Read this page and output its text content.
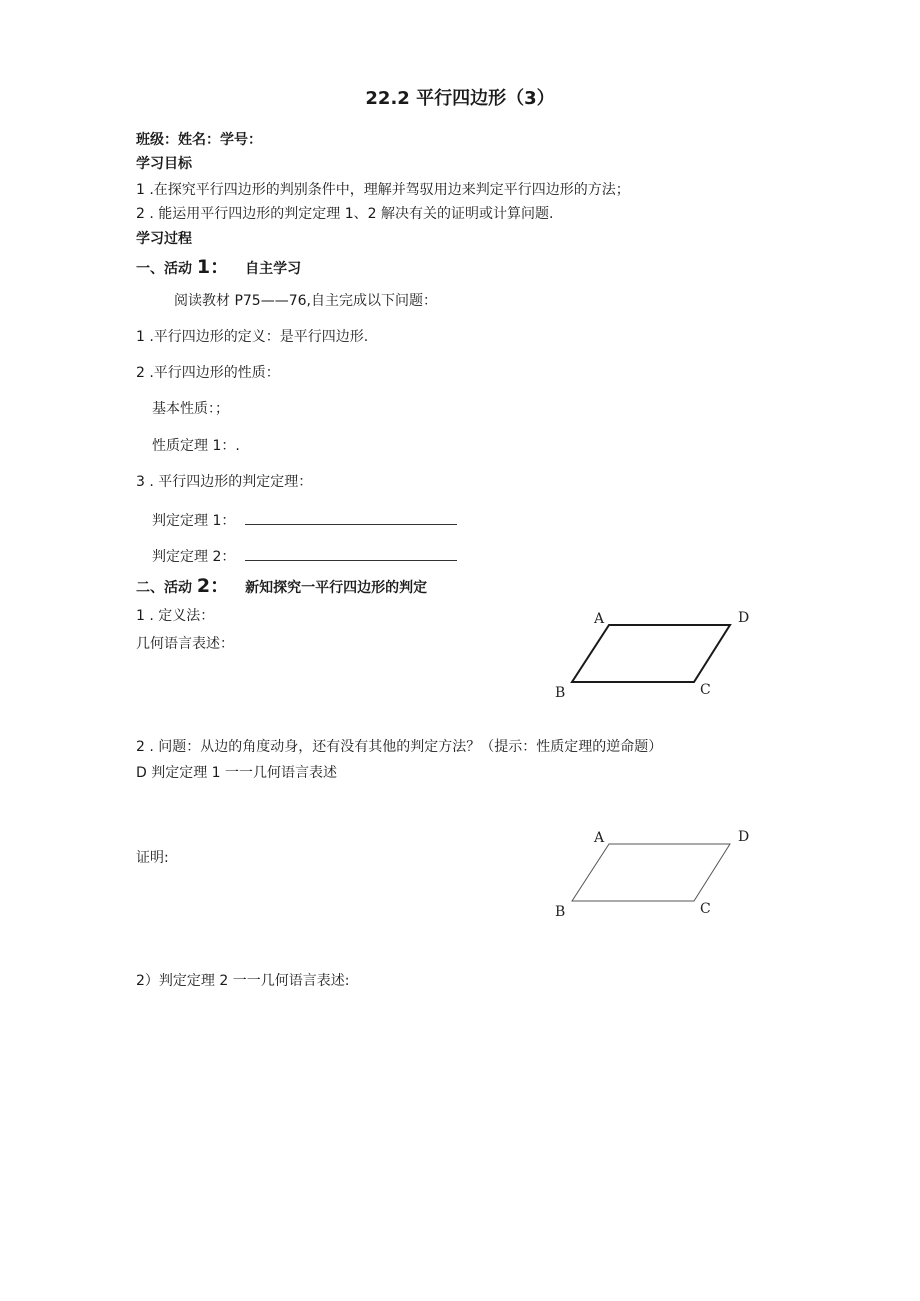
22.2 平行四边形（3）
班级：姓名：学号：
学习目标
1 .在探究平行四边形的判别条件中，理解并驾驭用边来判定平行四边形的方法；
2 . 能运用平行四边形的判定定理 1、2 解决有关的证明或计算问题.
学习过程
一、活动 1： 自主学习
阅读教材 P75——76,自主完成以下问题：
1 .平行四边形的定义：是平行四边形.
2 .平行四边形的性质：
基本性质：；
性质定理 1：.
3 . 平行四边形的判定定理：
判定定理 1：
判定定理 2：
二、活动 2： 新知探究一平行四边形的判定
1 . 定义法：
几何语言表述：
A	D
B	C
2 . 问题：从边的角度动身，还有没有其他的判定方法？（提示：性质定理的逆命题）
D 判定定理 1 一一几何语言表述
A	D
B	C
证明:
2）判定定理 2 一一几何语言表述:
